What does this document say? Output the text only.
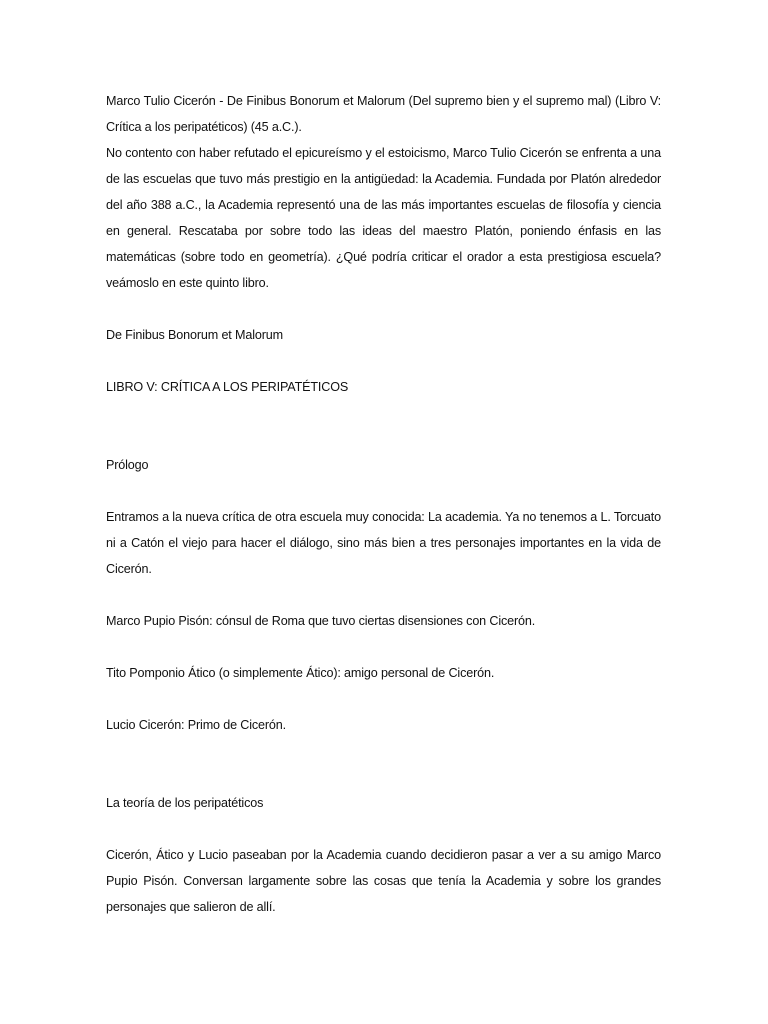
Marco Tulio Cicerón - De Finibus Bonorum et Malorum (Del supremo bien y el supremo mal) (Libro V: Crítica a los peripatéticos) (45 a.C.).

No contento con haber refutado el epicureísmo y el estoicismo, Marco Tulio Cicerón se enfrenta a una de las escuelas que tuvo más prestigio en la antigüedad: la Academia. Fundada por Platón alrededor del año 388 a.C., la Academia representó una de las más importantes escuelas de filosofía y ciencia en general. Rescataba por sobre todo las ideas del maestro Platón, poniendo énfasis en las matemáticas (sobre todo en geometría). ¿Qué podría criticar el orador a esta prestigiosa escuela? veámoslo en este quinto libro.

De Finibus Bonorum et Malorum

LIBRO V: CRÍTICA A LOS PERIPATÉTICOS

Prólogo

Entramos a la nueva crítica de otra escuela muy conocida: La academia. Ya no tenemos a L. Torcuato ni a Catón el viejo para hacer el diálogo, sino más bien a tres personajes importantes en la vida de Cicerón.

Marco Pupio Pisón: cónsul de Roma que tuvo ciertas disensiones con Cicerón.

Tito Pomponio Ático (o simplemente Ático): amigo personal de Cicerón.

Lucio Cicerón: Primo de Cicerón.

La teoría de los peripatéticos

Cicerón, Ático y Lucio paseaban por la Academia cuando decidieron pasar a ver a su amigo Marco Pupio Pisón. Conversan largamente sobre las cosas que tenía la Academia y sobre los grandes personajes que salieron de allí.
